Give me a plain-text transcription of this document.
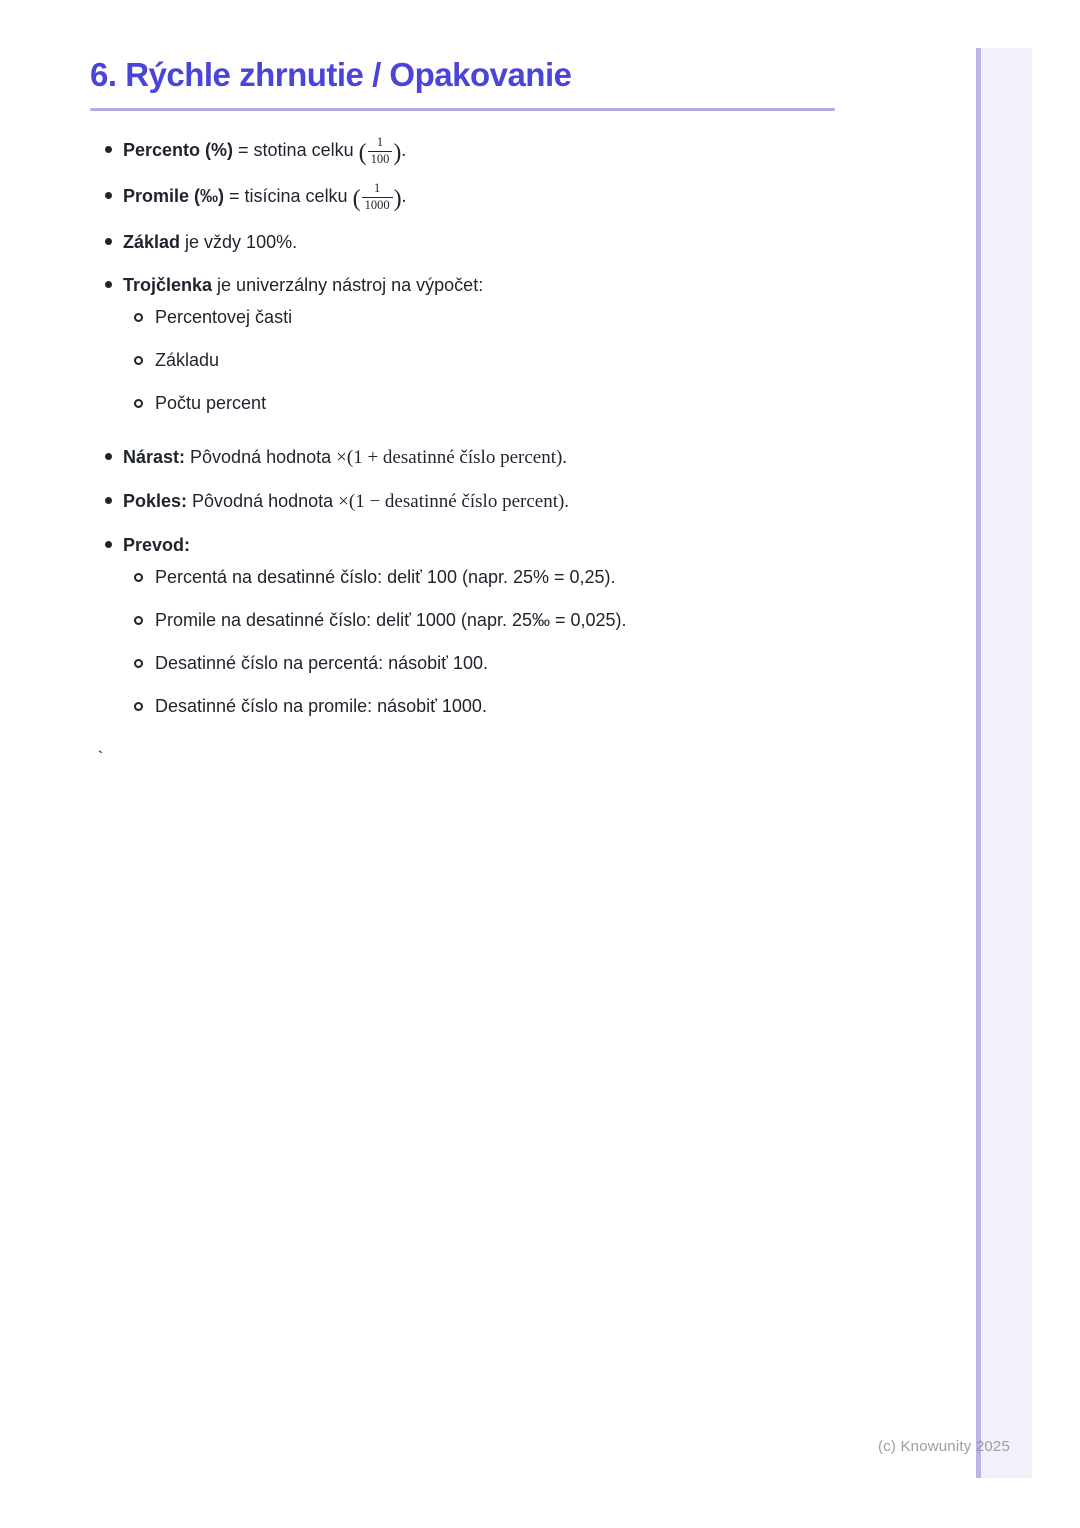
6. Rýchle zhrnutie / Opakovanie
Percento (%) = stotina celku ( $\frac{1}{100}$ ).
Promile (‰) = tisícina celku ( $\frac{1}{1000}$ ).
Základ je vždy 100%.
Trojčlenka je univerzálny nástroj na výpočet:
Percentovej časti
Základu
Počtu percent
Nárast: Pôvodná hodnota ×(1 + desatinné číslo percent).
Pokles: Pôvodná hodnota ×(1 − desatinné číslo percent).
Prevod:
Percentá na desatinné číslo: deliť 100 (napr. 25% = 0,25).
Promile na desatinné číslo: deliť 1000 (napr. 25‰ = 0,025).
Desatinné číslo na percentá: násobiť 100.
Desatinné číslo na promile: násobiť 1000.
`
(c) Knowunity 2025
